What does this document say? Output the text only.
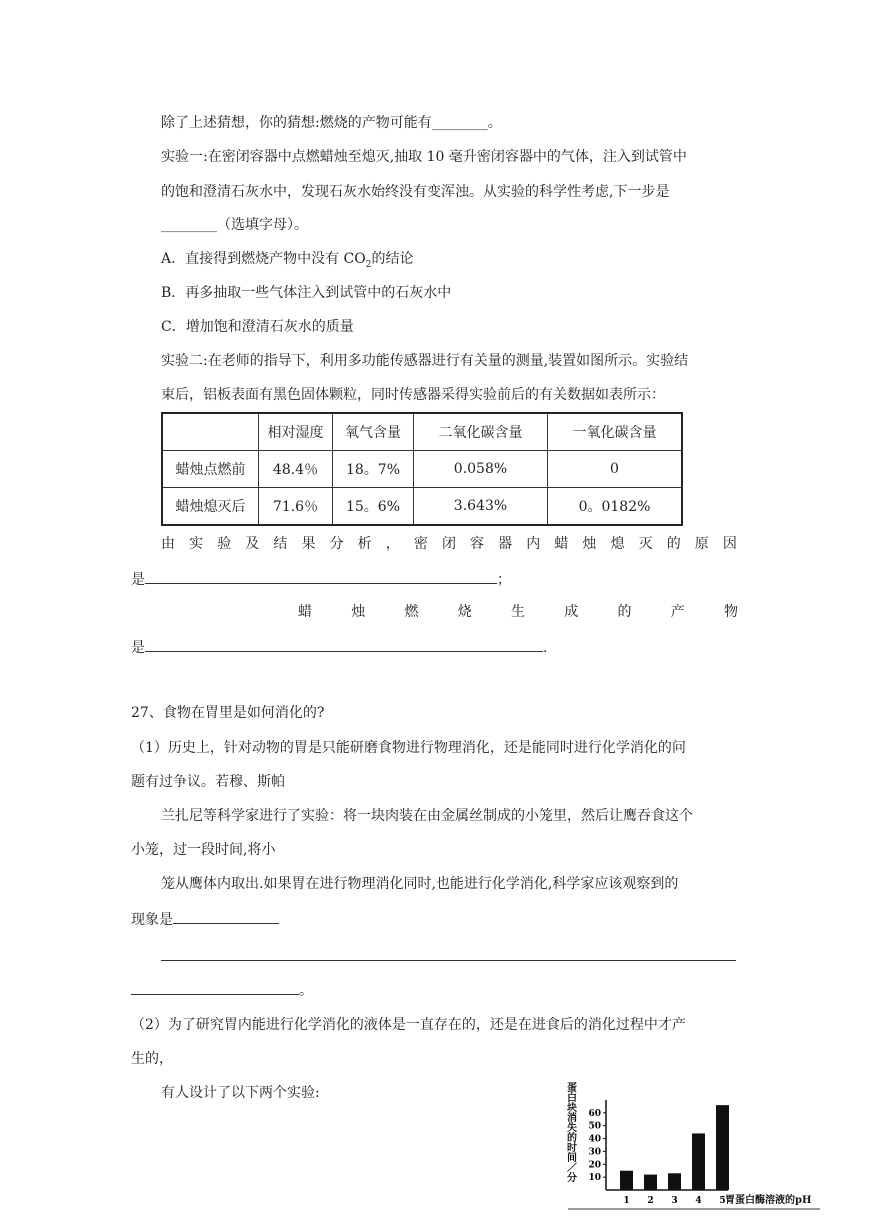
除了上述猜想，你的猜想:燃烧的产物可能有________。
实验一:在密闭容器中点燃蜡烛至熄灭,抽取 10 毫升密闭容器中的气体，注入到试管中
的饱和澄清石灰水中，发现石灰水始终没有变浑浊。从实验的科学性考虑,下一步是
________（选填字母）。
A．直接得到燃烧产物中没有 $CO_2$的结论
B．再多抽取一些气体注入到试管中的石灰水中
C．增加饱和澄清石灰水的质量
实验二:在老师的指导下，利用多功能传感器进行有关量的测量,装置如图所示。实验结
束后，铝板表面有黑色固体颗粒，同时传感器采得实验前后的有关数据如表所示：
	相对湿度	氧气含量	二氧化碳含量	一氧化碳含量
蜡烛点燃前	48.4％	18。7%	0.058%	0
蜡烛熄灭后	71.6％	15。6%	3.643%	0。0182%
由 实 验 及 结 果 分 析 ， 密 闭 容 器 内 蜡 烛 熄 灭 的 原 因
是	；
蜡	烛	燃	烧	生	成	的	产	物
是	.
27、食物在胃里是如何消化的?
（1）历史上，针对动物的胃是只能研磨食物进行物理消化，还是能同时进行化学消化的问
题有过争议。若穆、斯帕
兰扎尼等科学家进行了实验：将一块肉装在由金属丝制成的小笼里，然后让鹰吞食这个
小笼，过一段时间,将小
笼从鹰体内取出.如果胃在进行物理消化同时,也能进行化学消化,科学家应该观察到的
现象是
。
（2）为了研究胃内能进行化学消化的液体是一直存在的，还是在进食后的消化过程中才产
生的，
有人设计了以下两个实验:	蛋白块消失的时间／分 10
20
30
40
50
60
1 2 3 4 5 胃蛋白酶溶液的pH
